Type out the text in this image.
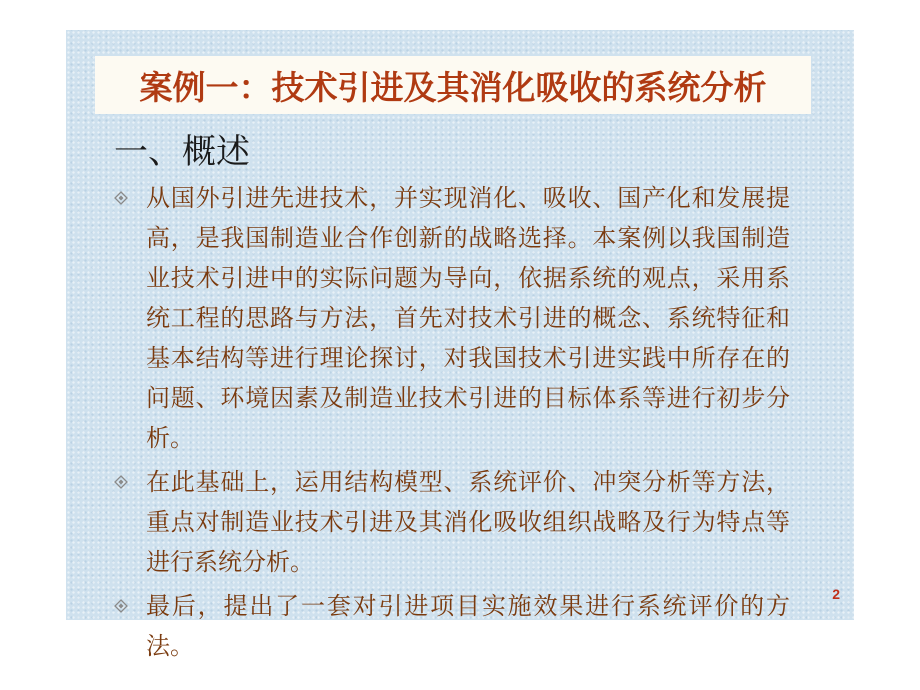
案例一：技术引进及其消化吸收的系统分析
一、概述
从国外引进先进技术，并实现消化、吸收、国产化和发展提高，是我国制造业合作创新的战略选择。本案例以我国制造业技术引进中的实际问题为导向，依据系统的观点，采用系统工程的思路与方法，首先对技术引进的概念、系统特征和基本结构等进行理论探讨，对我国技术引进实践中所存在的问题、环境因素及制造业技术引进的目标体系等进行初步分析。
在此基础上，运用结构模型、系统评价、冲突分析等方法，重点对制造业技术引进及其消化吸收组织战略及行为特点等进行系统分析。
最后，提出了一套对引进项目实施效果进行系统评价的方法。
2
